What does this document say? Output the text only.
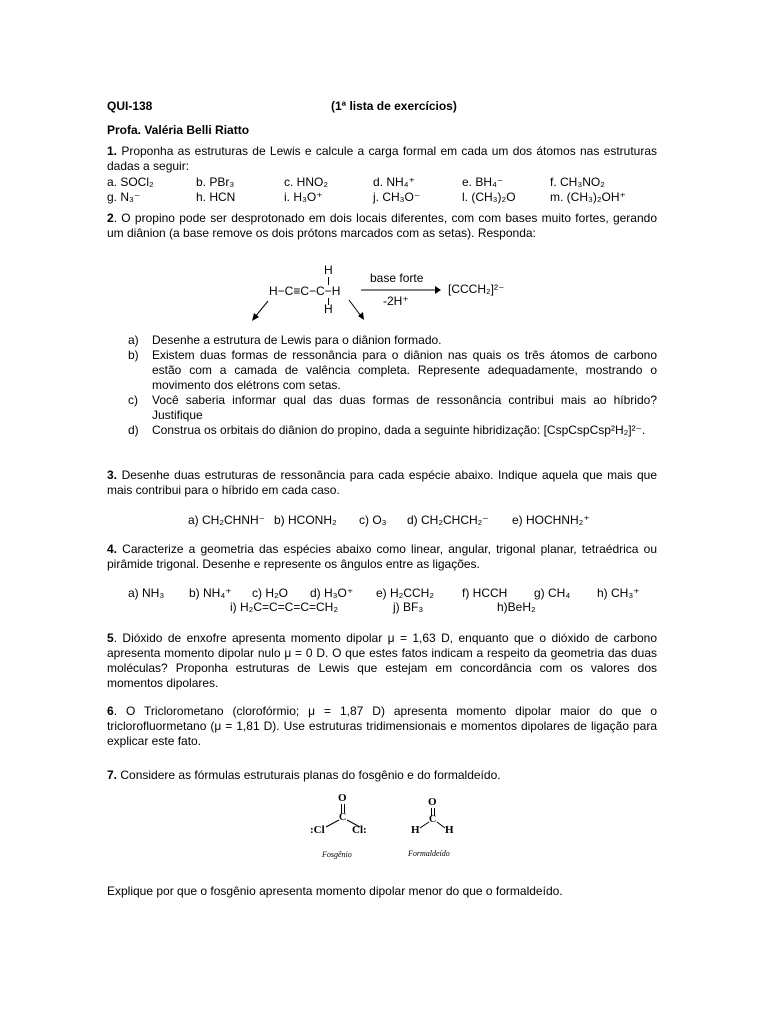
QUI-138	(1ª lista de exercícios)
Profa. Valéria Belli Riatto
1. Proponha as estruturas de Lewis e calcule a carga formal em cada um dos átomos nas estruturas dadas a seguir:
a. SOCl₂	b. PBr₃	c. HNO₂	d. NH₄⁺	e. BH₄⁻	f. CH₃NO₂
g. N₃⁻	h. HCN	i. H₃O⁺	j. CH₃O⁻	l. (CH₃)₂O	m. (CH₃)₂OH⁺
2. O propino pode ser desprotonado em dois locais diferentes, com com bases muito fortes, gerando um diânion (a base remove os dois prótons marcados com as setas). Responda:
H
H−C≡C−C−H
H
base forte
-2H⁺
[CCCH₂]²⁻
a) Desenhe a estrutura de Lewis para o diânion formado.
b) Existem duas formas de ressonância para o diânion nas quais os três átomos de carbono estão com a camada de valência completa. Represente adequadamente, mostrando o movimento dos elétrons com setas.
c) Você saberia informar qual das duas formas de ressonância contribui mais ao híbrido? Justifique
d) Construa os orbitais do diânion do propino, dada a seguinte hibridização: [CspCspCsp²H₂]²⁻.
3. Desenhe duas estruturas de ressonância para cada espécie abaixo. Indique aquela que mais que mais contribui para o híbrido em cada caso.
a) CH₂CHNH⁻ b) HCONH₂ c) O₃ d) CH₂CHCH₂⁻ e) HOCHNH₂⁺
4. Caracterize a geometria das espécies abaixo como linear, angular, trigonal planar, tetraédrica ou pirâmide trigonal. Desenhe e represente os ângulos entre as ligações.
a) NH₃ b) NH₄⁺ c) H₂O d) H₃O⁺ e) H₂CCH₂ f) HCCH g) CH₄ h) CH₃⁺
i) H₂C=C=C=C=CH₂	j) BF₃	h)BeH₂
5. Dióxido de enxofre apresenta momento dipolar μ = 1,63 D, enquanto que o dióxido de carbono apresenta momento dipolar nulo μ = 0 D. O que estes fatos indicam a respeito da geometria das duas moléculas? Proponha estruturas de Lewis que estejam em concordância com os valores dos momentos dipolares.
6. O Triclorometano (clorofórmio; μ = 1,87 D) apresenta momento dipolar maior do que o triclorofluormetano (μ = 1,81 D). Use estruturas tridimensionais e momentos dipolares de ligação para explicar este fato.
7. Considere as fórmulas estruturais planas do fosgênio e do formaldeído.
O
C
:Cl Cl:
Fosgênio
O
C
H H
Formaldeído
Explique por que o fosgênio apresenta momento dipolar menor do que o formaldeído.
